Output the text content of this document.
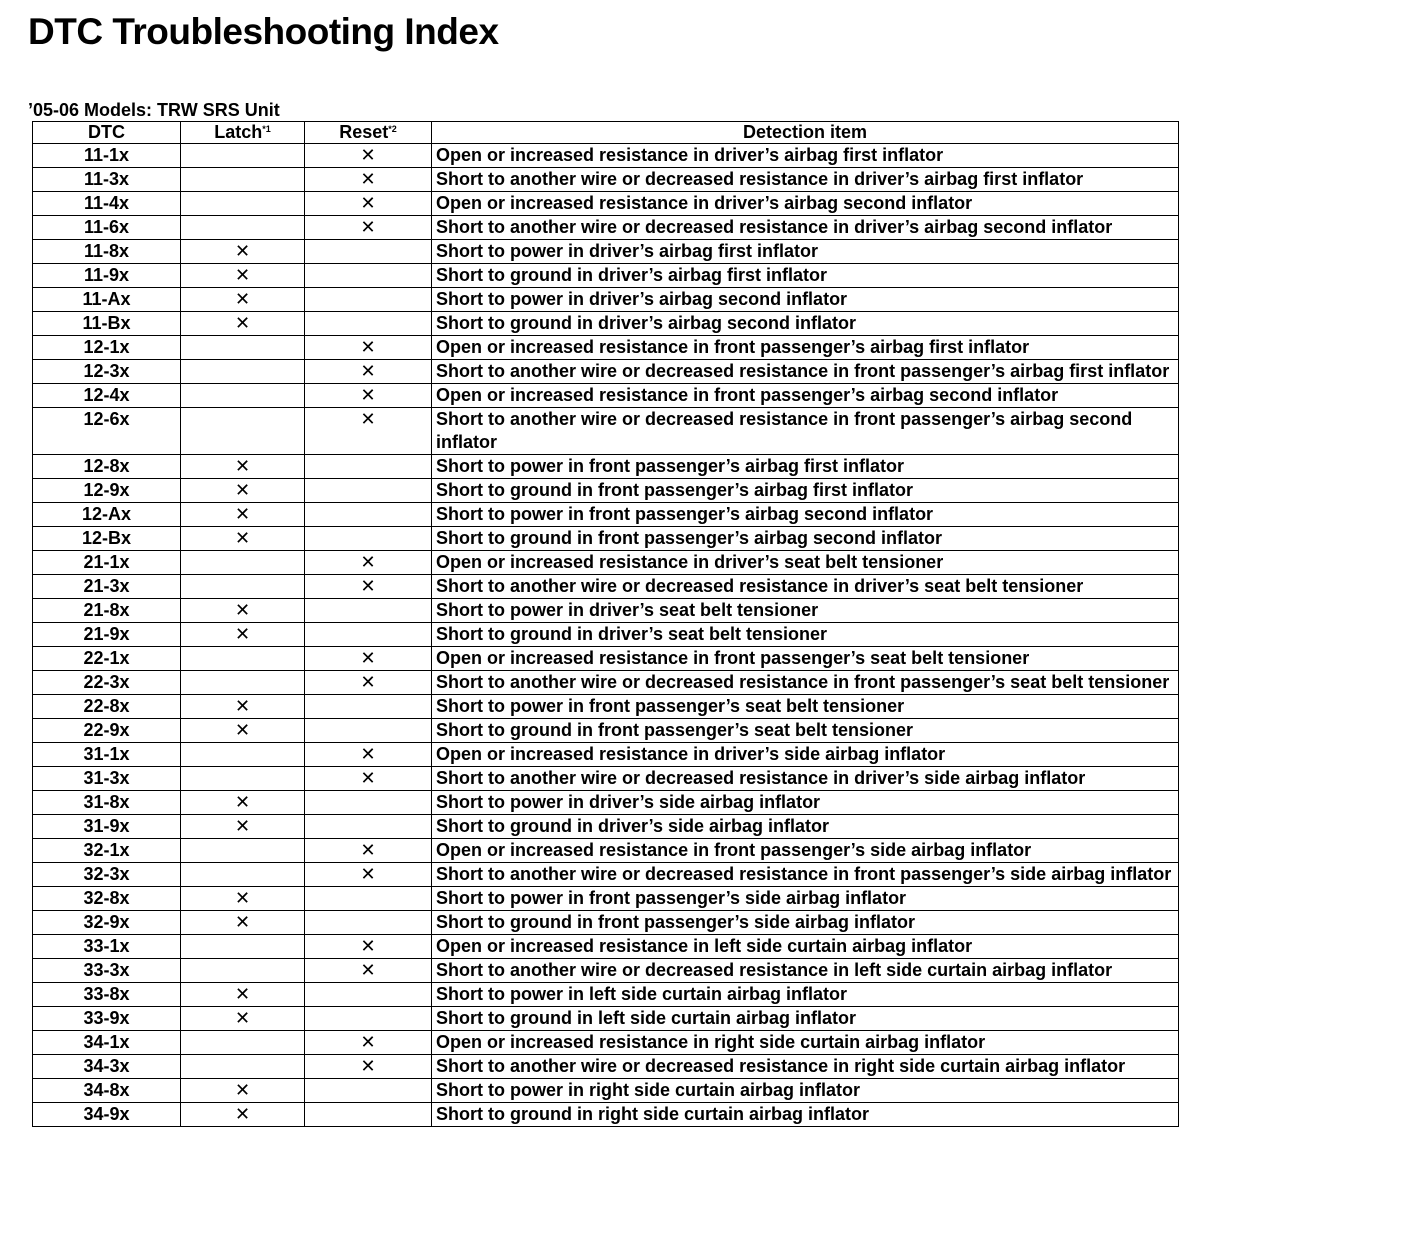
DTC Troubleshooting Index
’05-06 Models: TRW SRS Unit
DTC	Latch$^{*1}$	Reset$^{*2}$	Detection item
11-1x		✕	Open or increased resistance in driver’s airbag first inflator
11-3x		✕	Short to another wire or decreased resistance in driver’s airbag first inflator
11-4x		✕	Open or increased resistance in driver’s airbag second inflator
11-6x		✕	Short to another wire or decreased resistance in driver’s airbag second inflator
11-8x	✕		Short to power in driver’s airbag first inflator
11-9x	✕		Short to ground in driver’s airbag first inflator
11-Ax	✕		Short to power in driver’s airbag second inflator
11-Bx	✕		Short to ground in driver’s airbag second inflator
12-1x		✕	Open or increased resistance in front passenger’s airbag first inflator
12-3x		✕	Short to another wire or decreased resistance in front passenger’s airbag first inflator
12-4x		✕	Open or increased resistance in front passenger’s airbag second inflator
12-6x		✕	Short to another wire or decreased resistance in front passenger’s airbag second inflator
12-8x	✕		Short to power in front passenger’s airbag first inflator
12-9x	✕		Short to ground in front passenger’s airbag first inflator
12-Ax	✕		Short to power in front passenger’s airbag second inflator
12-Bx	✕		Short to ground in front passenger’s airbag second inflator
21-1x		✕	Open or increased resistance in driver’s seat belt tensioner
21-3x		✕	Short to another wire or decreased resistance in driver’s seat belt tensioner
21-8x	✕		Short to power in driver’s seat belt tensioner
21-9x	✕		Short to ground in driver’s seat belt tensioner
22-1x		✕	Open or increased resistance in front passenger’s seat belt tensioner
22-3x		✕	Short to another wire or decreased resistance in front passenger’s seat belt tensioner
22-8x	✕		Short to power in front passenger’s seat belt tensioner
22-9x	✕		Short to ground in front passenger’s seat belt tensioner
31-1x		✕	Open or increased resistance in driver’s side airbag inflator
31-3x		✕	Short to another wire or decreased resistance in driver’s side airbag inflator
31-8x	✕		Short to power in driver’s side airbag inflator
31-9x	✕		Short to ground in driver’s side airbag inflator
32-1x		✕	Open or increased resistance in front passenger’s side airbag inflator
32-3x		✕	Short to another wire or decreased resistance in front passenger’s side airbag inflator
32-8x	✕		Short to power in front passenger’s side airbag inflator
32-9x	✕		Short to ground in front passenger’s side airbag inflator
33-1x		✕	Open or increased resistance in left side curtain airbag inflator
33-3x		✕	Short to another wire or decreased resistance in left side curtain airbag inflator
33-8x	✕		Short to power in left side curtain airbag inflator
33-9x	✕		Short to ground in left side curtain airbag inflator
34-1x		✕	Open or increased resistance in right side curtain airbag inflator
34-3x		✕	Short to another wire or decreased resistance in right side curtain airbag inflator
34-8x	✕		Short to power in right side curtain airbag inflator
34-9x	✕		Short to ground in right side curtain airbag inflator
